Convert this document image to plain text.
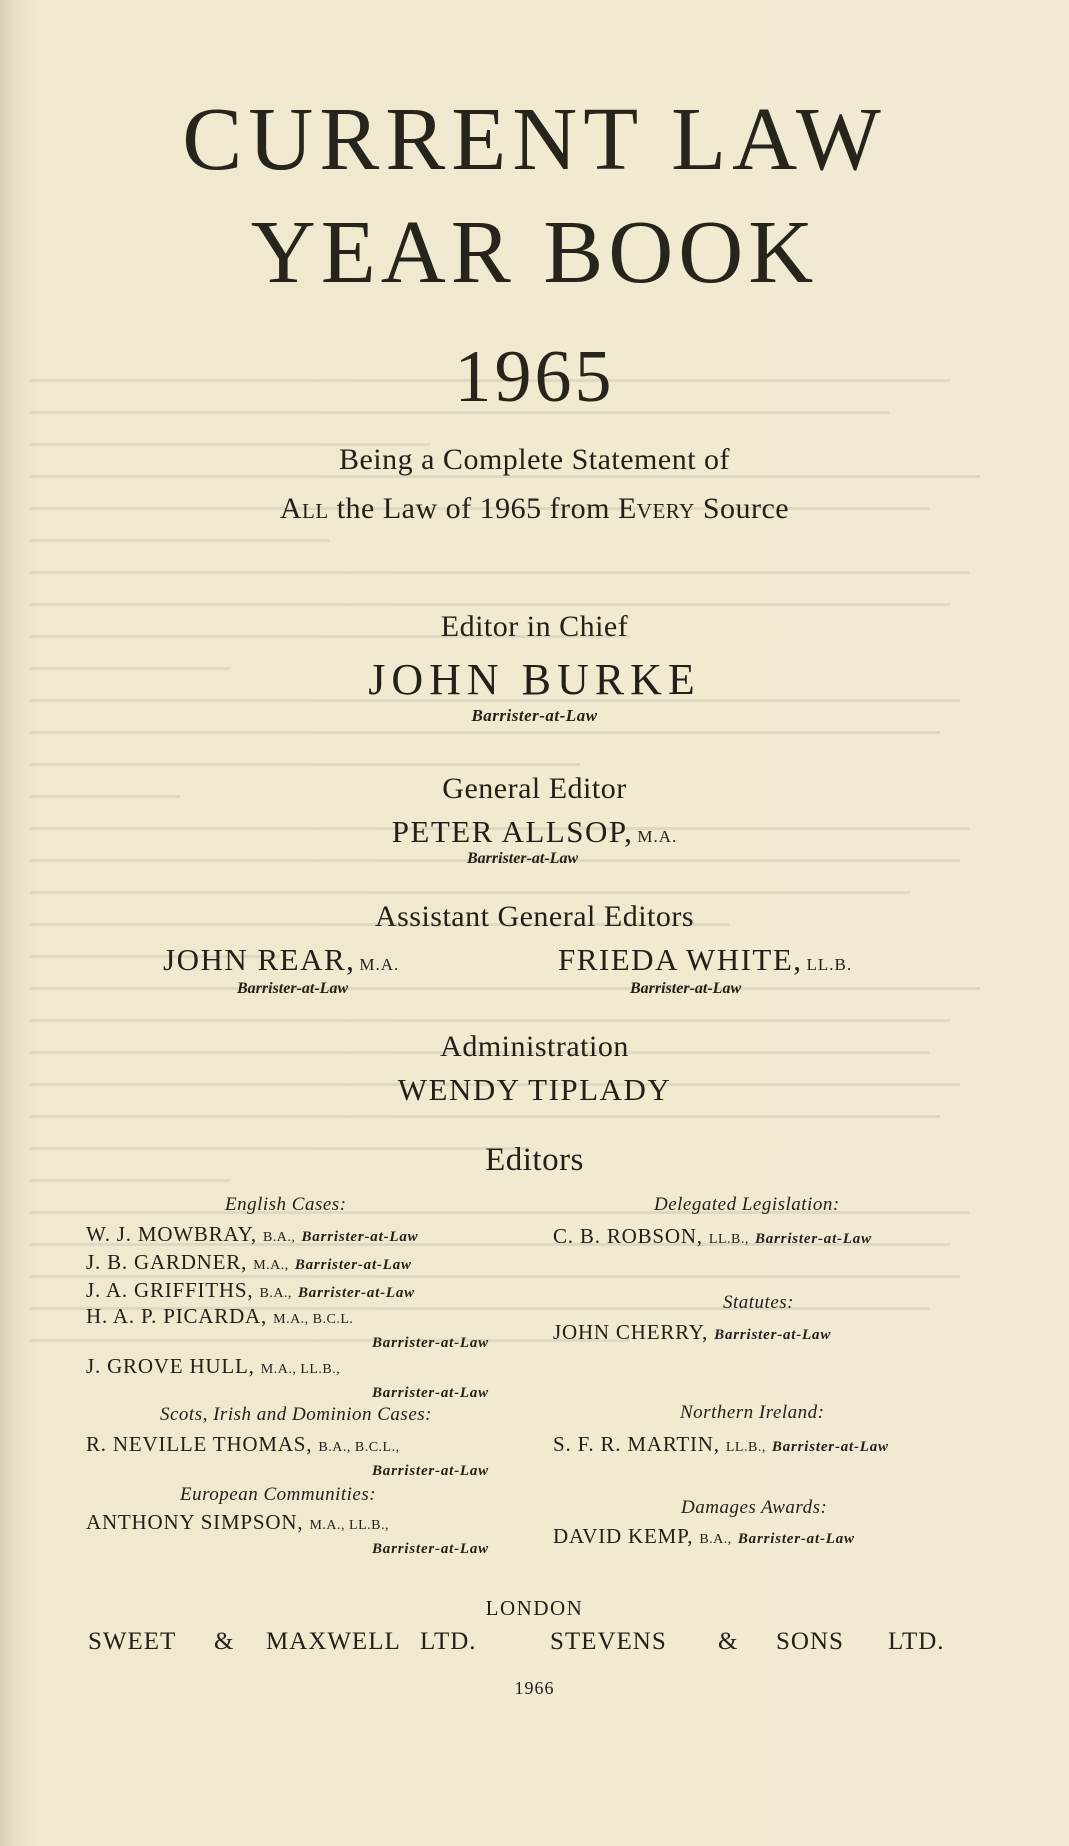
CURRENT LAW
YEAR BOOK
1965
Being a Complete Statement of
All the Law of 1965 from Every Source
Editor in Chief
JOHN BURKE
Barrister-at-Law
General Editor
PETER ALLSOP, M.A.
Barrister-at-Law
Assistant General Editors
JOHN REAR, M.A.
Barrister-at-Law
FRIEDA WHITE, LL.B.
Barrister-at-Law
Administration
WENDY TIPLADY
Editors
English Cases:
W. J. MOWBRAY, B.A., Barrister-at-Law
J. B. GARDNER, M.A., Barrister-at-Law
J. A. GRIFFITHS, B.A., Barrister-at-Law
H. A. P. PICARDA, M.A., B.C.L.
Barrister-at-Law
J. GROVE HULL, M.A., LL.B.,
Barrister-at-Law
Scots, Irish and Dominion Cases:
R. NEVILLE THOMAS, B.A., B.C.L.,
Barrister-at-Law
European Communities:
ANTHONY SIMPSON, M.A., LL.B.,
Barrister-at-Law
Delegated Legislation:
C. B. ROBSON, LL.B., Barrister-at-Law
Statutes:
JOHN CHERRY, Barrister-at-Law
Northern Ireland:
S. F. R. MARTIN, LL.B., Barrister-at-Law
Damages Awards:
DAVID KEMP, B.A., Barrister-at-Law
LONDON
SWEET & MAXWELL LTD.	STEVENS & SONS LTD.
1966
